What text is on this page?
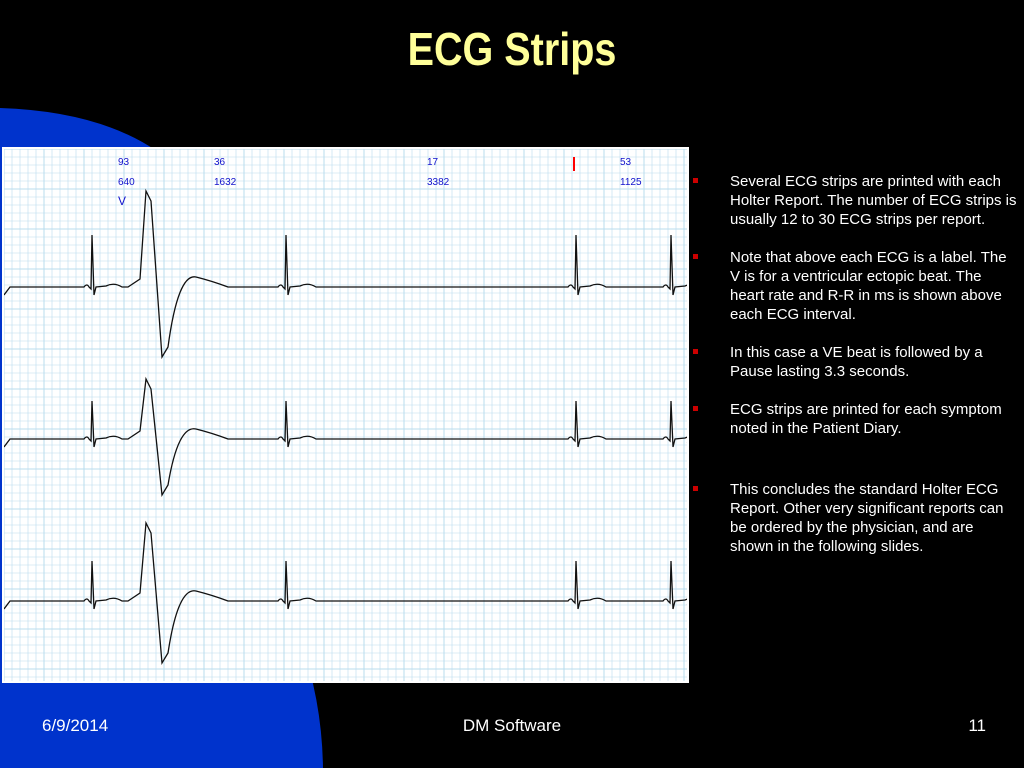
ECG Strips
93
640
V
36
1632
17
3382
53
1125	Several ECG strips are printed with each Holter Report. The number of ECG strips is usually 12 to 30 ECG strips per report.
Note that above each ECG is a label. The V is for a ventricular ectopic beat. The heart rate and R-R in ms is shown above each ECG interval.
In this case a VE beat is followed by a Pause lasting 3.3 seconds.
ECG strips are printed for each symptom noted in the Patient Diary.
This concludes the standard Holter ECG Report. Other very significant reports can be ordered by the physician, and are shown in the following slides.
6/9/2014	DM Software	11
